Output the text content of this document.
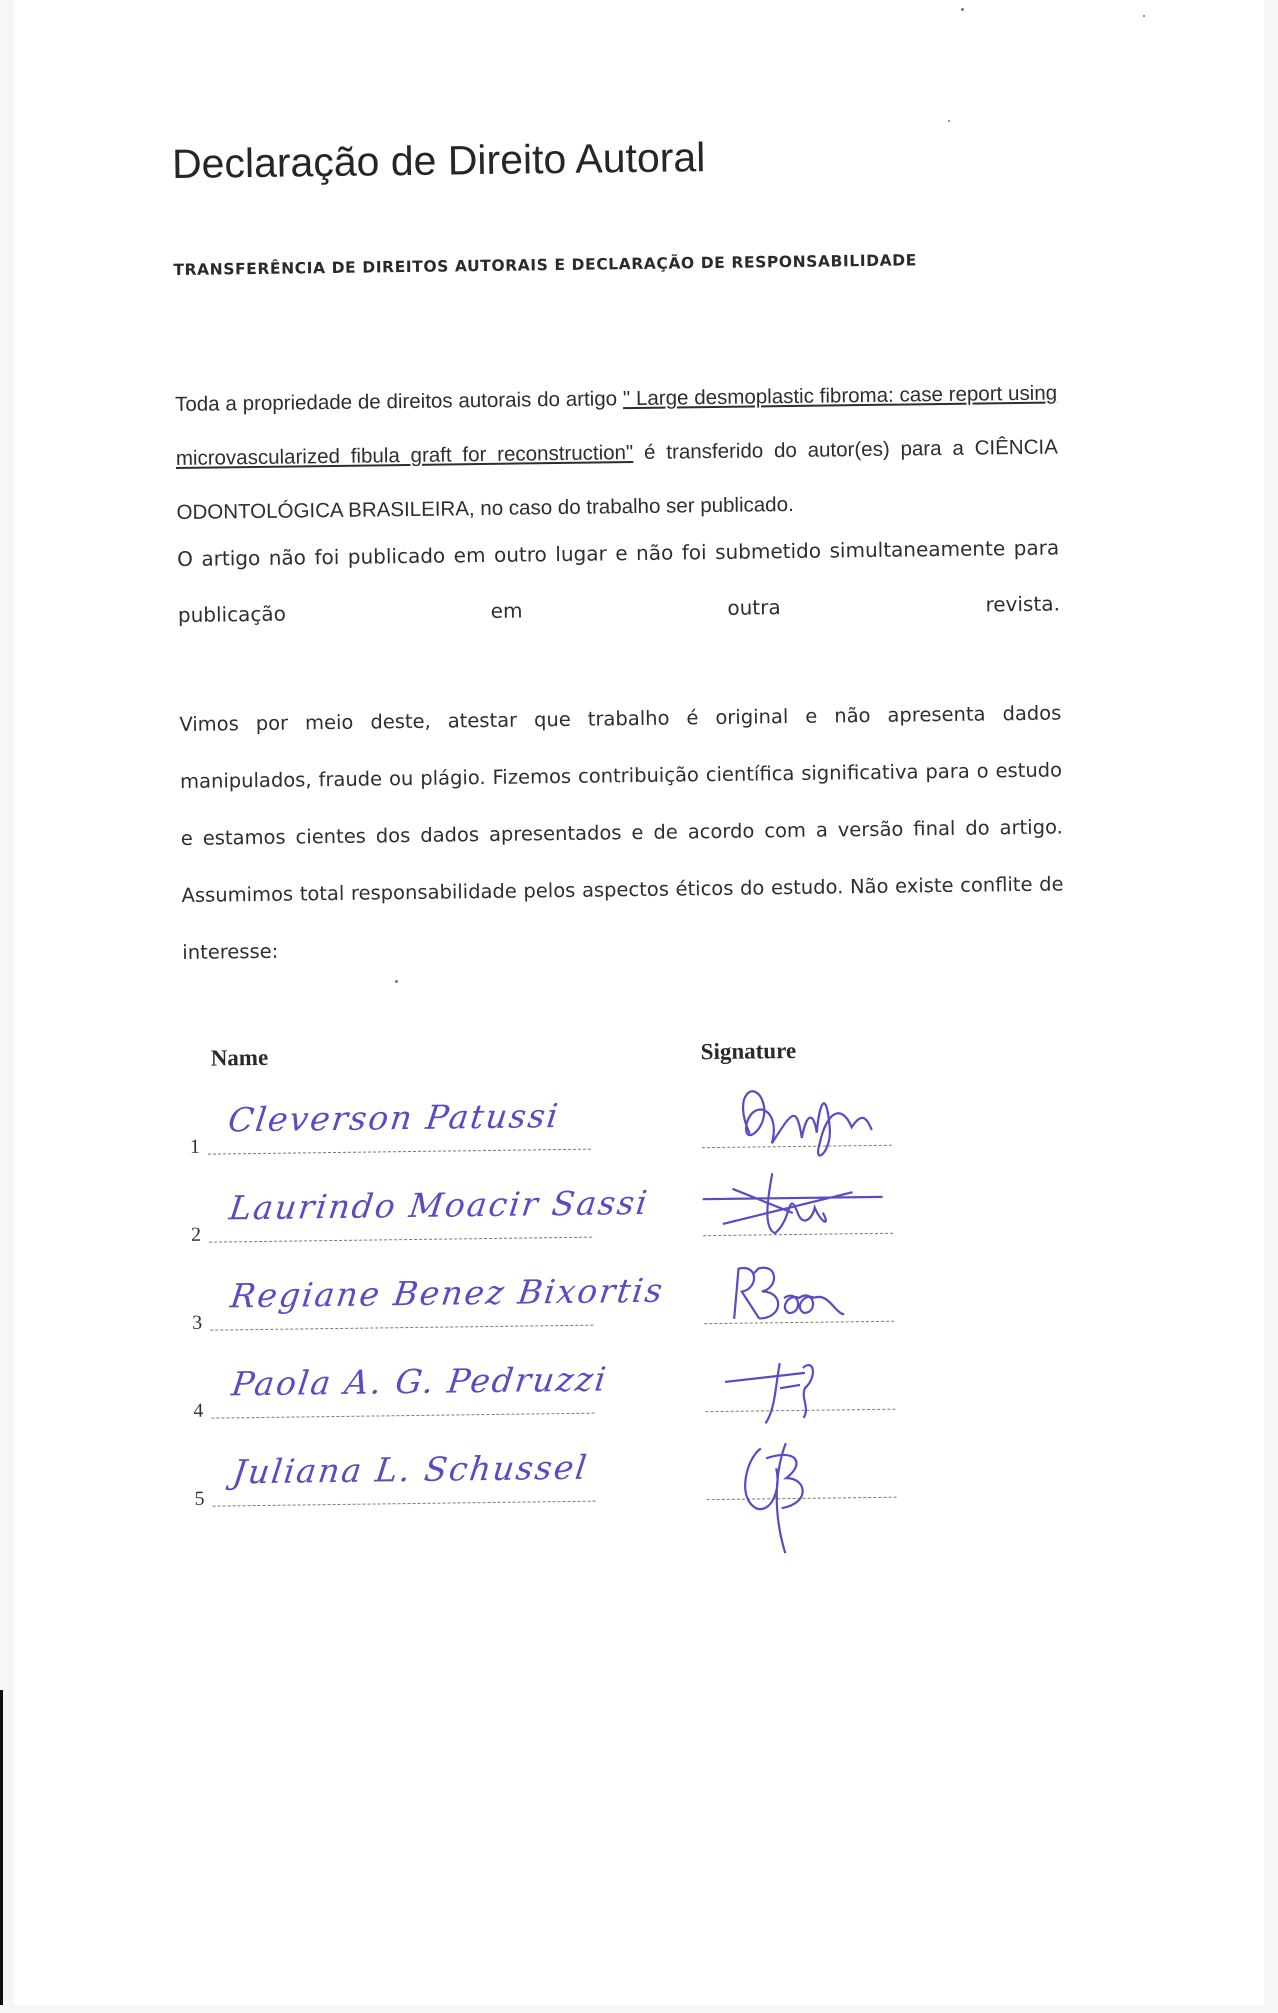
Declaração de Direito Autoral
TRANSFERÊNCIA DE DIREITOS AUTORAIS E DECLARAÇÃO DE RESPONSABILIDADE
Toda a propriedade de direitos autorais do artigo " Large desmoplastic fibroma: case report using microvascularized fibula graft for reconstruction" é transferido do autor(es) para a CIÊNCIA ODONTOLÓGICA BRASILEIRA, no caso do trabalho ser publicado.
O artigo não foi publicado em outro lugar e não foi submetido simultaneamente para publicação em outra revista.
Vimos por meio deste, atestar que trabalho é original e não apresenta dados manipulados, fraude ou plágio. Fizemos contribuição científica significativa para o estudo e estamos cientes dos dados apresentados e de acordo com a versão final do artigo. Assumimos total responsabilidade pelos aspectos éticos do estudo. Não existe conflite de interesse:
Name	Signature
1
Cleverson Patussi
2
Laurindo Moacir Sassi
3
Regiane Benez Bixortis
4
Paola A. G. Pedruzzi
5
Juliana L. Schussel
